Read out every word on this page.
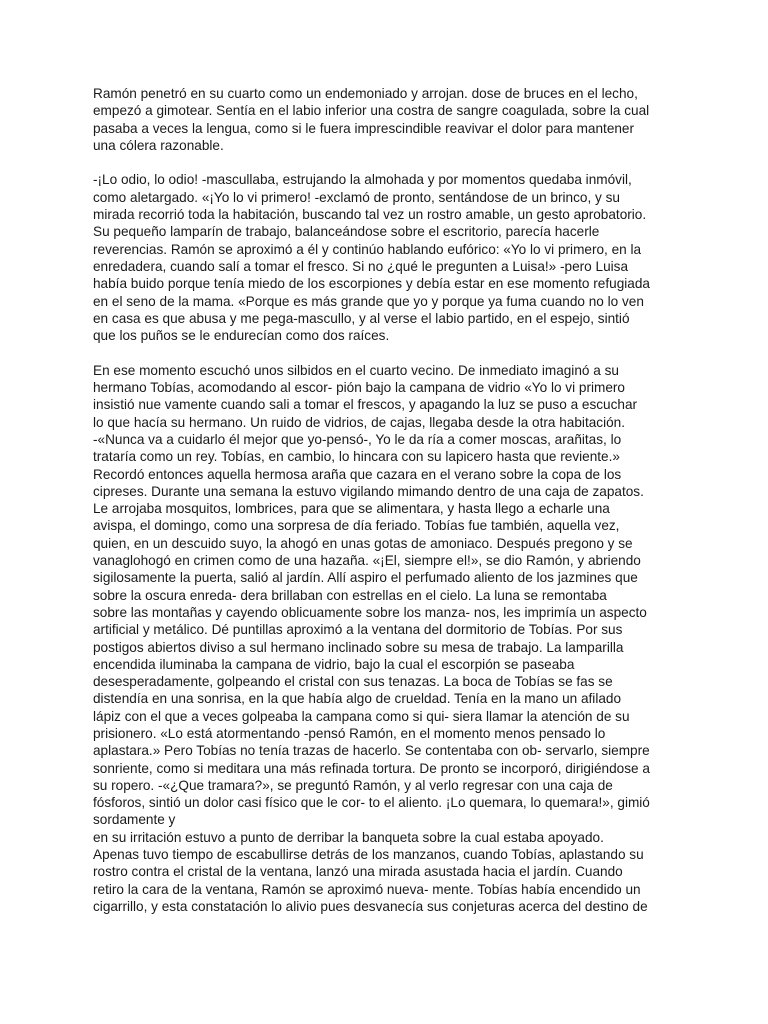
Ramón penetró en su cuarto como un endemoniado y arrojan. dose de bruces en el lecho,
empezó a gimotear. Sentía en el labio inferior una costra de sangre coagulada, sobre la cual
pasaba a veces la lengua, como si le fuera imprescindible reavivar el dolor para mantener
una cólera razonable.
-¡Lo odio, lo odio! -mascullaba, estrujando la almohada y por momentos quedaba inmóvil,
como aletargado. «¡Yo lo vi primero! -exclamó de pronto, sentándose de un brinco, y su
mirada recorrió toda la habitación, buscando tal vez un rostro amable, un gesto aprobatorio.
Su pequeño lamparín de trabajo, balanceándose sobre el escritorio, parecía hacerle
reverencias. Ramón se aproximó a él y continúo hablando eufórico: «Yo lo vi primero, en la
enredadera, cuando salí a tomar el fresco. Si no ¿qué le pregunten a Luisa!» -pero Luisa
había buido porque tenía miedo de los escorpiones y debía estar en ese momento refugiada
en el seno de la mama. «Porque es más grande que yo y porque ya fuma cuando no lo ven
en casa es que abusa y me pega-mascullo, y al verse el labio partido, en el espejo, sintió
que los puños se le endurecían como dos raíces.
En ese momento escuchó unos silbidos en el cuarto vecino. De inmediato imaginó a su
hermano Tobías, acomodando al escor- pión bajo la campana de vidrio «Yo lo vi primero
insistió nue vamente cuando sali a tomar el frescos, y apagando la luz se puso a escuchar
lo que hacía su hermano. Un ruido de vidrios, de cajas, llegaba desde la otra habitación.
-«Nunca va a cuidarlo él mejor que yo-pensó-, Yo le da ría a comer moscas, arañitas, lo
trataría como un rey. Tobías, en cambio, lo hincara con su lapicero hasta que reviente.»
Recordó entonces aquella hermosa araña que cazara en el verano sobre la copa de los
cipreses. Durante una semana la estuvo vigilando mimando dentro de una caja de zapatos.
Le arrojaba mosquitos, lombrices, para que se alimentara, y hasta llego a echarle una
avispa, el domingo, como una sorpresa de día feriado. Tobías fue también, aquella vez,
quien, en un descuido suyo, la ahogó en unas gotas de amoniaco. Después pregono y se
vanaglohogó en crimen como de una hazaña. «¡El, siempre el!», se dio Ramón, y abriendo
sigilosamente la puerta, salió al jardín. Allí aspiro el perfumado aliento de los jazmines que
sobre la oscura enreda- dera brillaban con estrellas en el cielo. La luna se remontaba
sobre las montañas y cayendo oblicuamente sobre los manza- nos, les imprimía un aspecto
artificial y metálico. Dé puntillas aproximó a la ventana del dormitorio de Tobías. Por sus
postigos abiertos diviso a sul hermano inclinado sobre su mesa de trabajo. La lamparilla
encendida iluminaba la campana de vidrio, bajo la cual el escorpión se paseaba
desesperadamente, golpeando el cristal con sus tenazas. La boca de Tobías se fas se
distendía en una sonrisa, en la que había algo de crueldad. Tenía en la mano un afilado
lápiz con el que a veces golpeaba la campana como si qui- siera llamar la atención de su
prisionero. «Lo está atormentando -pensó Ramón, en el momento menos pensado lo
aplastara.» Pero Tobías no tenía trazas de hacerlo. Se contentaba con ob- servarlo, siempre
sonriente, como si meditara una más refinada tortura. De pronto se incorporó, dirigiéndose a
su ropero. -«¿Que tramara?», se preguntó Ramón, y al verlo regresar con una caja de
fósforos, sintió un dolor casi físico que le cor- to el aliento. ¡Lo quemara, lo quemara!», gimió
sordamente y
en su irritación estuvo a punto de derribar la banqueta sobre la cual estaba apoyado.
Apenas tuvo tiempo de escabullirse detrás de los manzanos, cuando Tobías, aplastando su
rostro contra el cristal de la ventana, lanzó una mirada asustada hacia el jardín. Cuando
retiro la cara de la ventana, Ramón se aproximó nueva- mente. Tobías había encendido un
cigarrillo, y esta constatación lo alivio pues desvanecía sus conjeturas acerca del destino de
